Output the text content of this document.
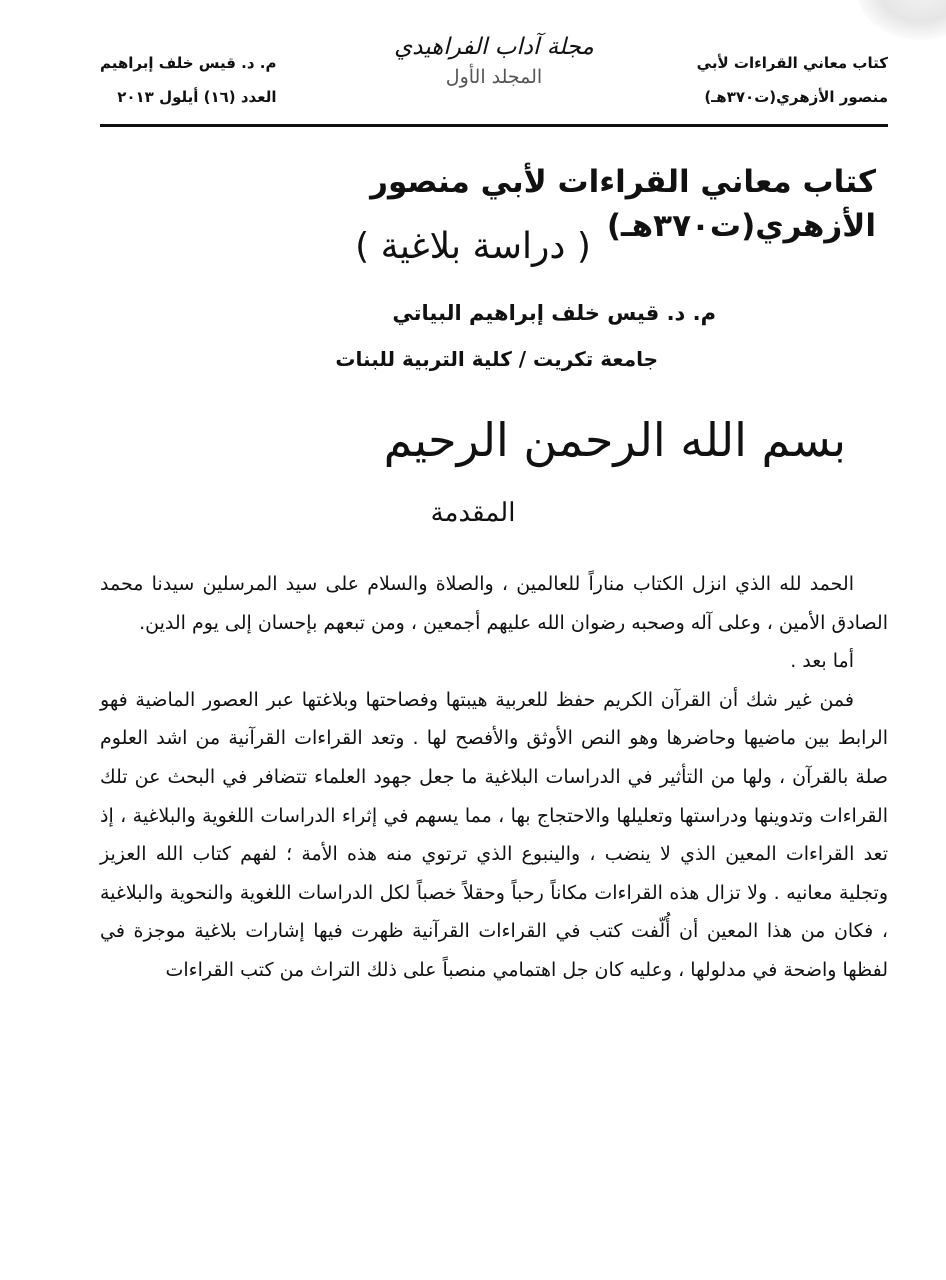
كتاب معاني القراءات لأبي
منصور الأزهري(ت٣٧٠هـ)
مجلة آداب الفراهيدي
المجلد الأول
م. د. قيس خلف إبراهيم
العدد (١٦) أيلول ٢٠١٣
كتاب معاني القراءات لأبي منصور الأزهري(ت٣٧٠هـ)
( دراسة بلاغية )
م. د. قيس خلف إبراهيم البياتي
جامعة تكريت / كلية التربية للبنات
بسم الله الرحمن الرحيم
المقدمة

الحمد لله الذي انزل الكتاب مناراً للعالمين ، والصلاة والسلام على سيد المرسلين سيدنا محمد الصادق الأمين ، وعلى آله وصحبه رضوان الله عليهم أجمعين ، ومن تبعهم بإحسان إلى يوم الدين.

أما بعد .

فمن غير شك أن القرآن الكريم حفظ للعربية هيبتها وفصاحتها وبلاغتها عبر العصور الماضية فهو الرابط بين ماضيها وحاضرها وهو النص الأوثق والأفصح لها . وتعد القراءات القرآنية من اشد العلوم صلة بالقرآن ، ولها من التأثير في الدراسات البلاغية ما جعل جهود العلماء تتضافر في البحث عن تلك القراءات وتدوينها ودراستها وتعليلها والاحتجاج بها ، مما يسهم في إثراء الدراسات اللغوية والبلاغية ، إذ تعد القراءات المعين الذي لا ينضب ، والينبوع الذي ترتوي منه هذه الأمة ؛ لفهم كتاب الله العزيز وتجلية معانيه . ولا تزال هذه القراءات مكاناً رحباً وحقلاً خصباً لكل الدراسات اللغوية والنحوية والبلاغية ، فكان من هذا المعين أن أُلّفت كتب في القراءات القرآنية ظهرت فيها إشارات بلاغية موجزة في لفظها واضحة في مدلولها ، وعليه كان جل اهتمامي منصباً على ذلك التراث من كتب القراءات
